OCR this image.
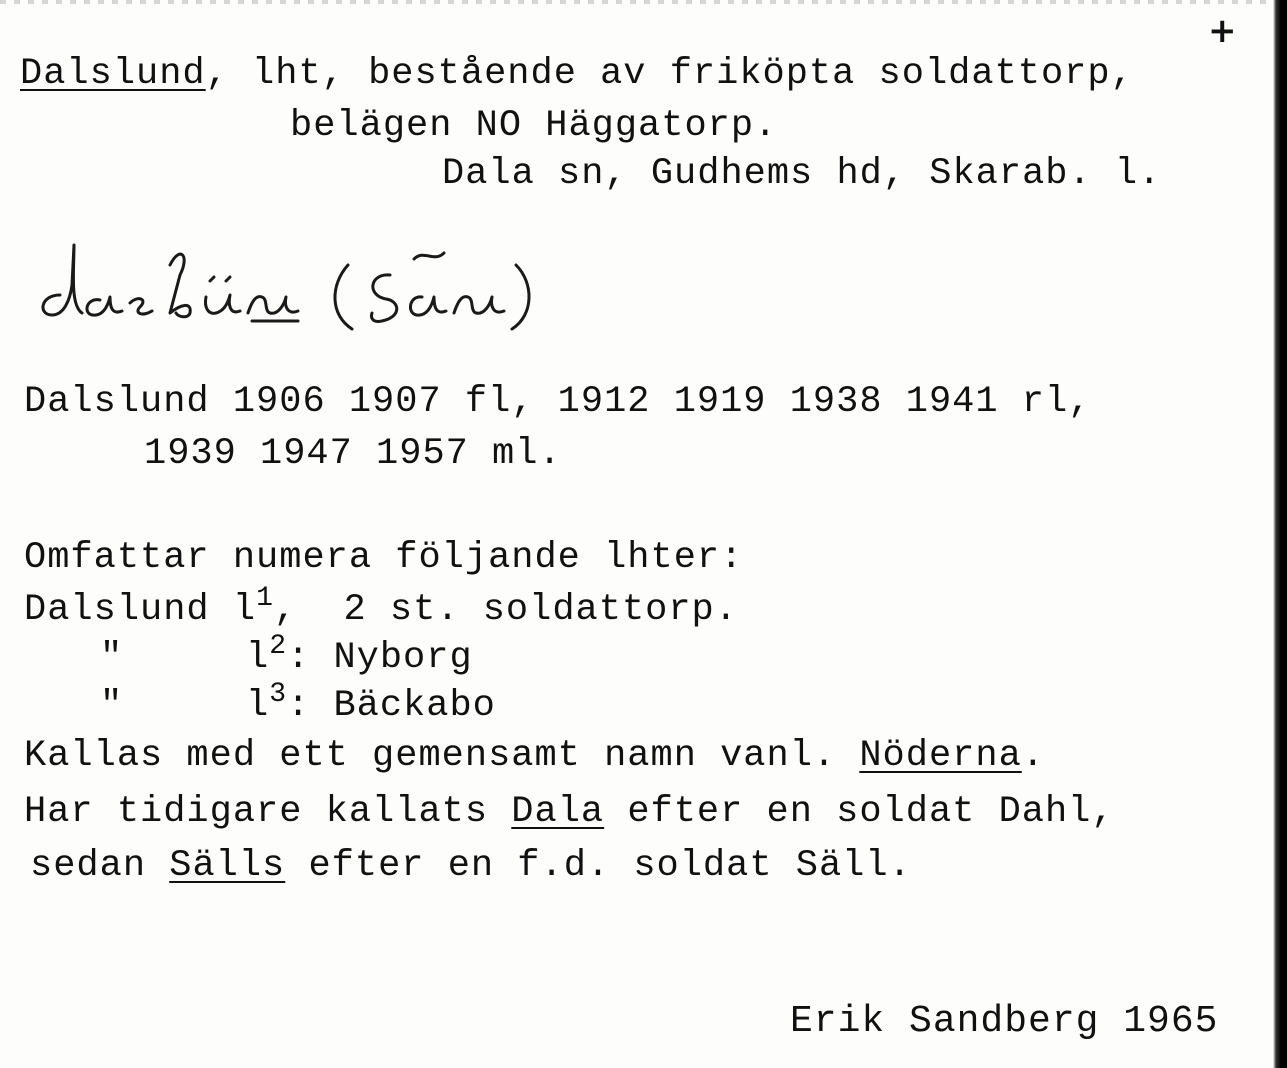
+
Dalslund, lht, bestående av friköpta soldattorp,
belägen NO Häggatorp.
Dala sn, Gudhems hd, Skarab. l.
Dalslund 1906 1907 fl, 1912 1919 1938 1941 rl,
1939 1947 1957 ml.
Omfattar numera följande lhter:
Dalslund $l^1$,  2 st. soldattorp.
"	$l^2$: Nyborg
"	$l^3$: Bäckabo
Kallas med ett gemensamt namn vanl. Nöderna.
Har tidigare kallats Dala efter en soldat Dahl,
sedan Sälls efter en f.d. soldat Säll.
Erik Sandberg 1965
